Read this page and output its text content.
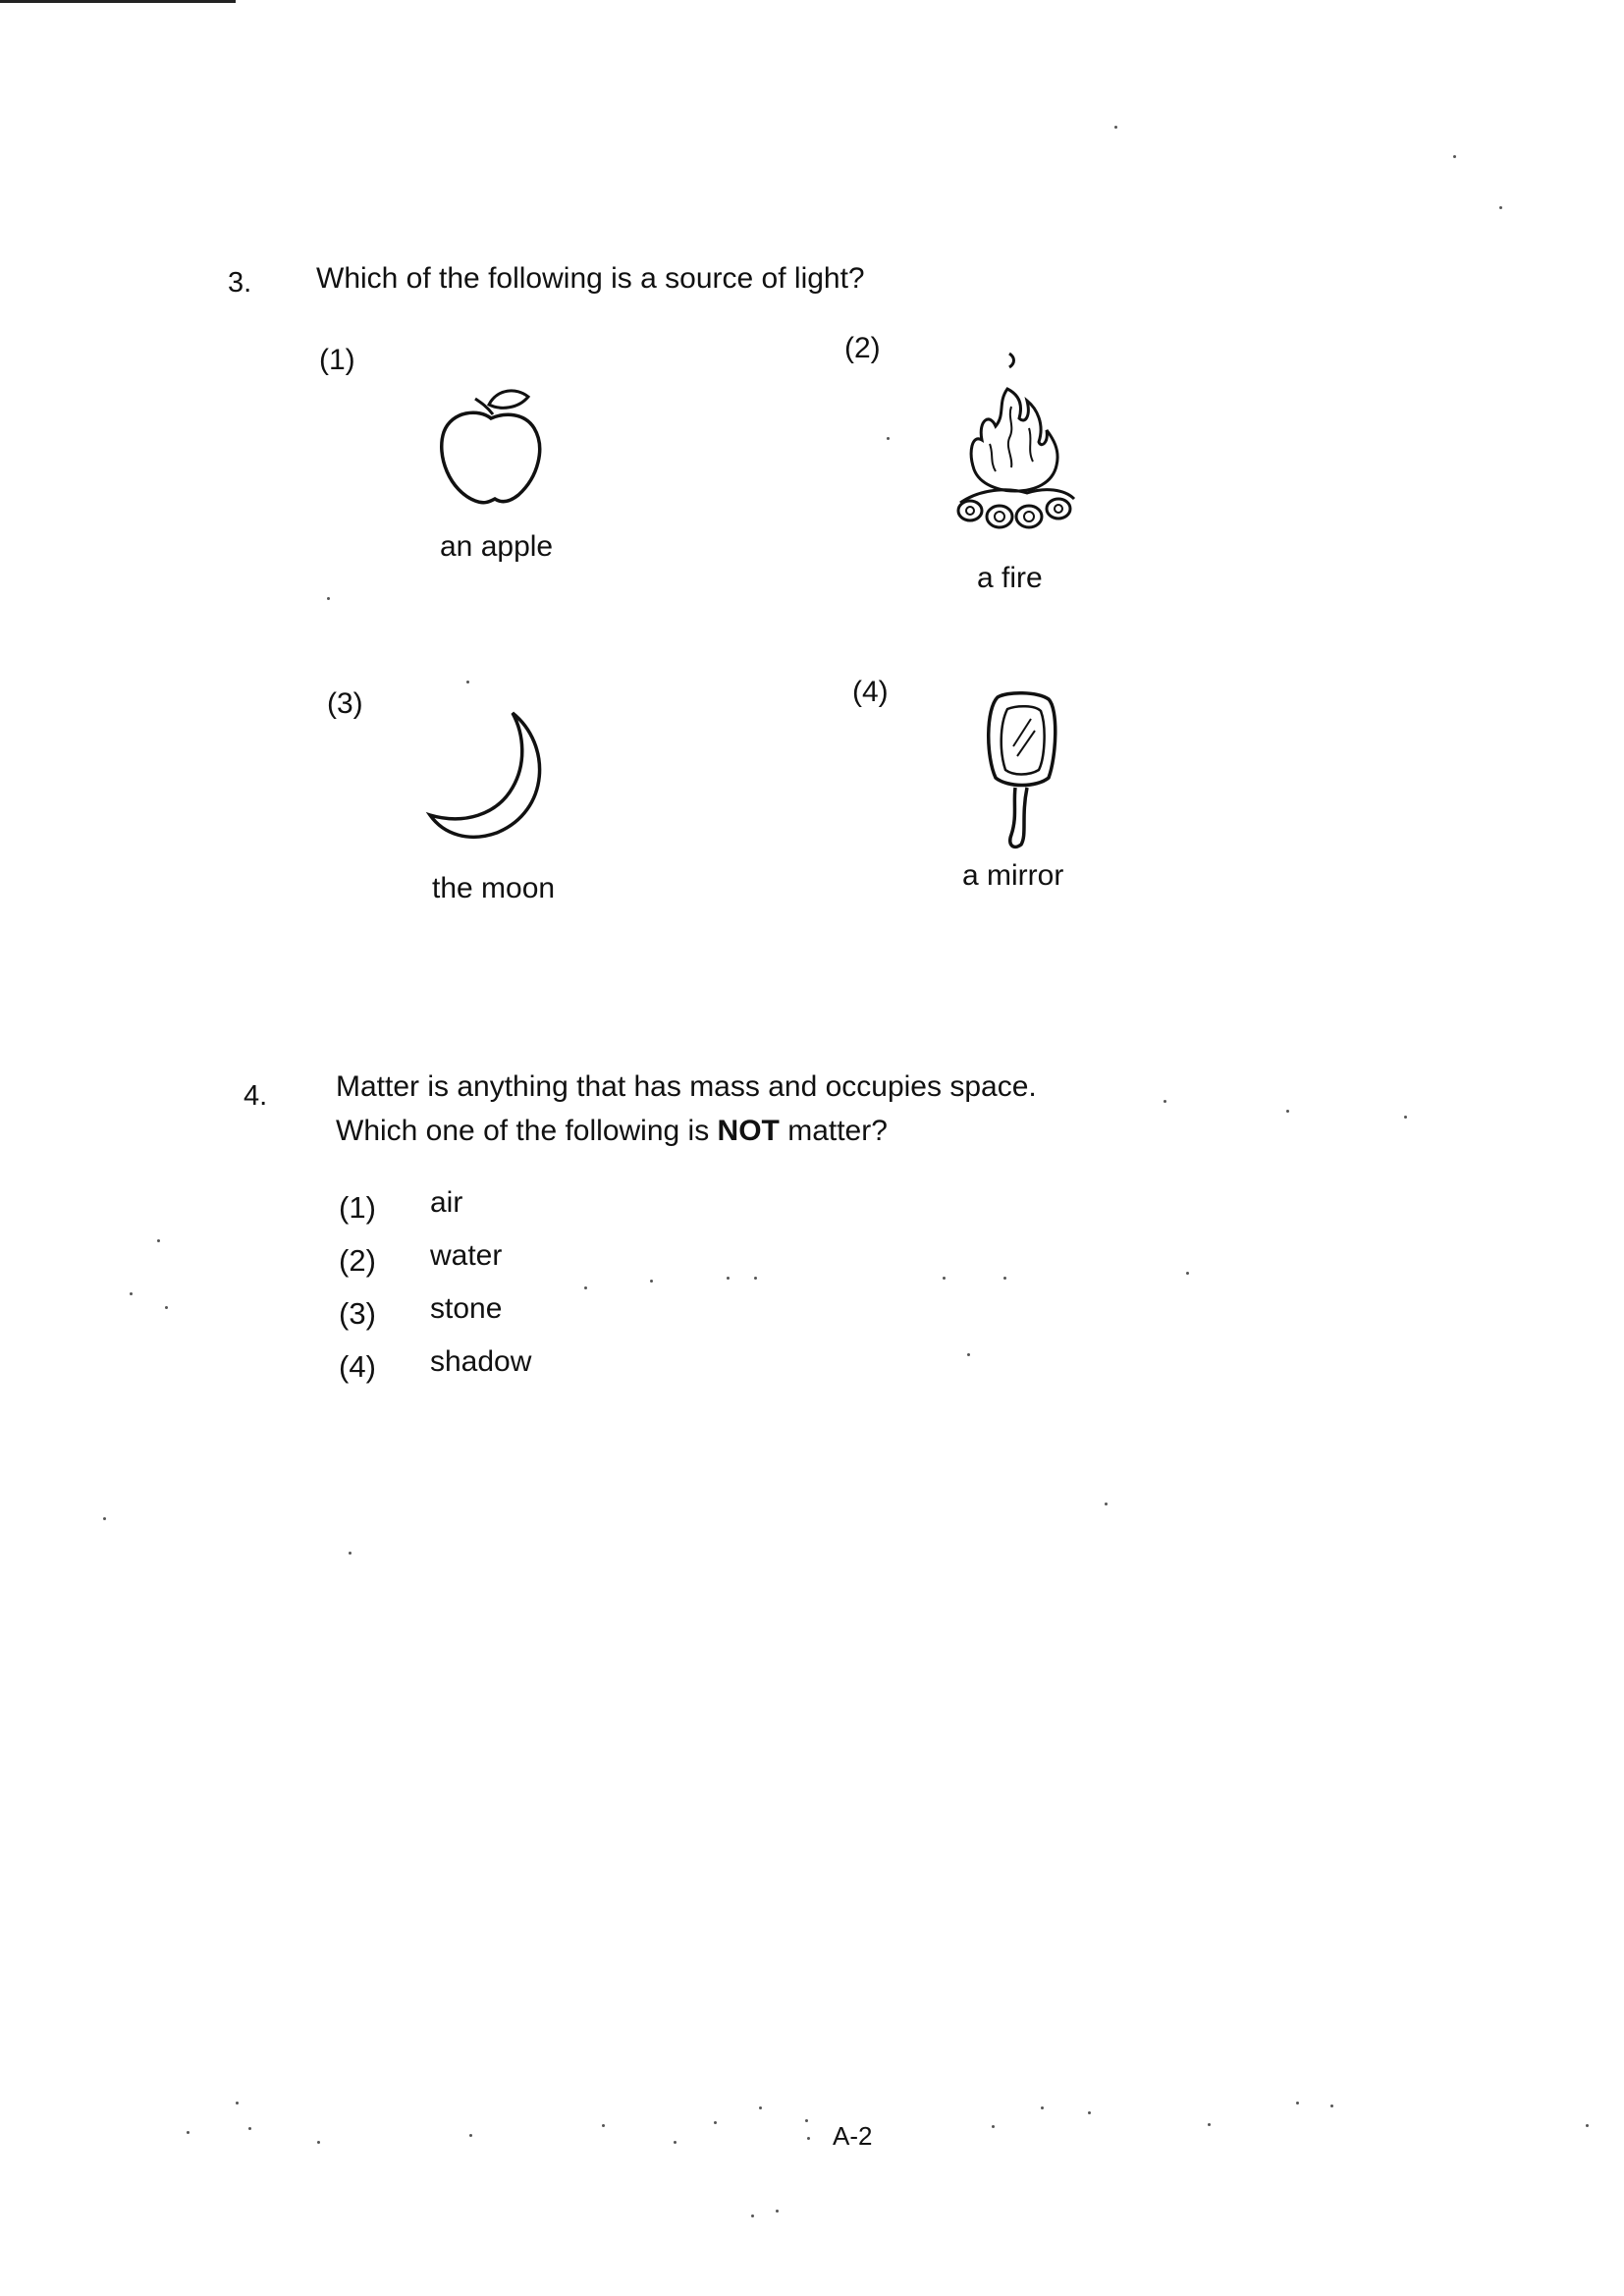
3. Which of the following is a source of light?
(1)
an apple
(2)
a fire
(3)
the moon
(4)
a mirror
4. Matter is anything that has mass and occupies space.
Which one of the following is NOT matter?
(1) air
(2) water
(3) stone
(4) shadow
A-2
